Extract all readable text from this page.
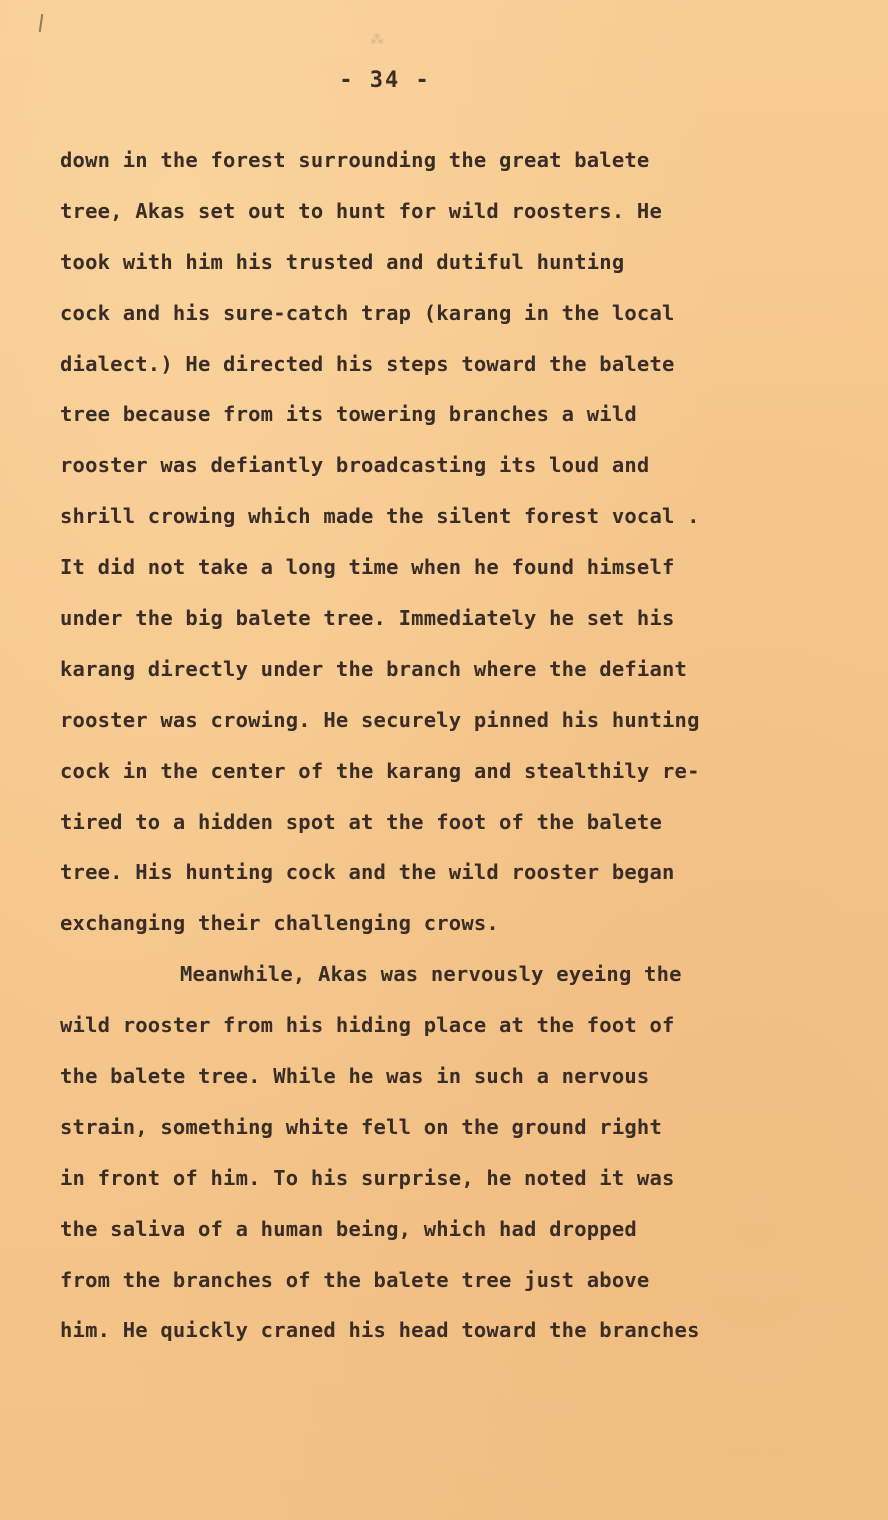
⁂
- 34 -
down in the forest surrounding the great balete
tree, Akas set out to hunt for wild roosters. He
took with him his trusted and dutiful hunting
cock and his sure-catch trap (karang in the local
dialect.) He directed his steps toward the balete
tree because from its towering branches a wild
rooster was defiantly broadcasting its loud and
shrill crowing which made the silent forest vocal .
It did not take a long time when he found himself
under the big balete tree. Immediately he set his
karang directly under the branch where the defiant
rooster was crowing. He securely pinned his hunting
cock in the center of the karang and stealthily re-
tired to a hidden spot at the foot of the balete
tree. His hunting cock and the wild rooster began
exchanging their challenging crows.
Meanwhile, Akas was nervously eyeing the
wild rooster from his hiding place at the foot of
the balete tree. While he was in such a nervous
strain, something white fell on the ground right
in front of him. To his surprise, he noted it was
the saliva of a human being, which had dropped
from the branches of the balete tree just above
him. He quickly craned his head toward the branches
